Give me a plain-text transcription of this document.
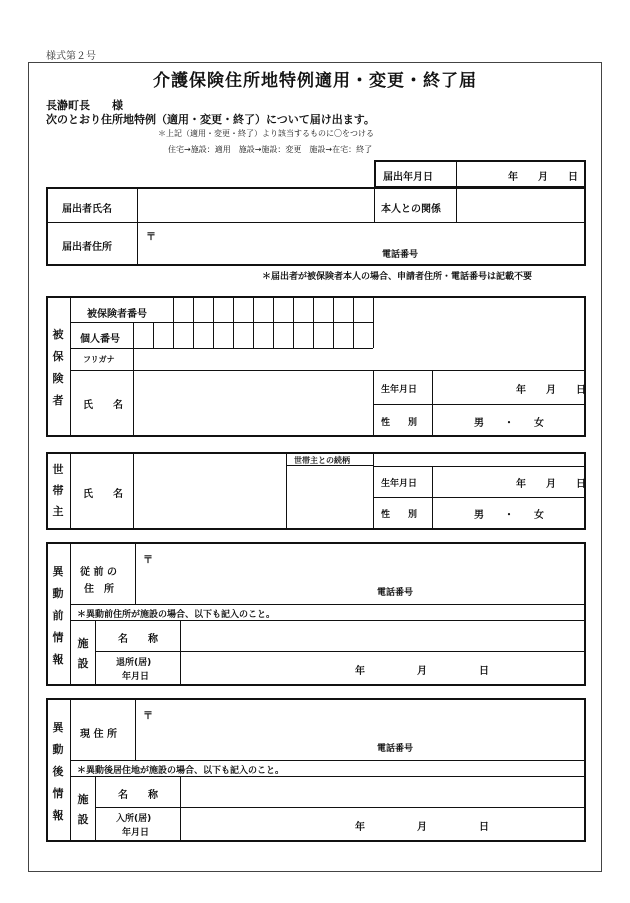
様式第２号
介護保険住所地特例適用・変更・終了届
長瀞町長　　様
次のとおり住所地特例（適用・変更・終了）について届け出ます。
＊上記（適用・変更・終了）より該当するものに〇をつける
住宅→施設：適用　施設→施設：変更　施設→在宅：終了
届出年月日	年　　月　　日
届出者氏名	本人との関係
届出者住所
〒
電話番号
＊届出者が被保険者本人の場合、申請者住所・電話番号は記載不要
被
保
険
者
被保険者番号
個人番号
フリガナ
氏　　名
生年月日	年　　月　　日
性　　別	男　　・　　女
世
帯
主
氏　　名
世帯主との続柄
生年月日	年　　月　　日
性　　別	男　　・　　女
異
動
前
情
報
従 前 の
住　所
〒
電話番号
＊異動前住所が施設の場合、以下も記入のこと。
施
設
名　　称
退所(居)
年月日	年	月	日
異
動
後
情
報
現 住 所
〒
電話番号
＊異動後居住地が施設の場合、以下も記入のこと。
施
設
名　　称
入所(居)
年月日	年	月	日
